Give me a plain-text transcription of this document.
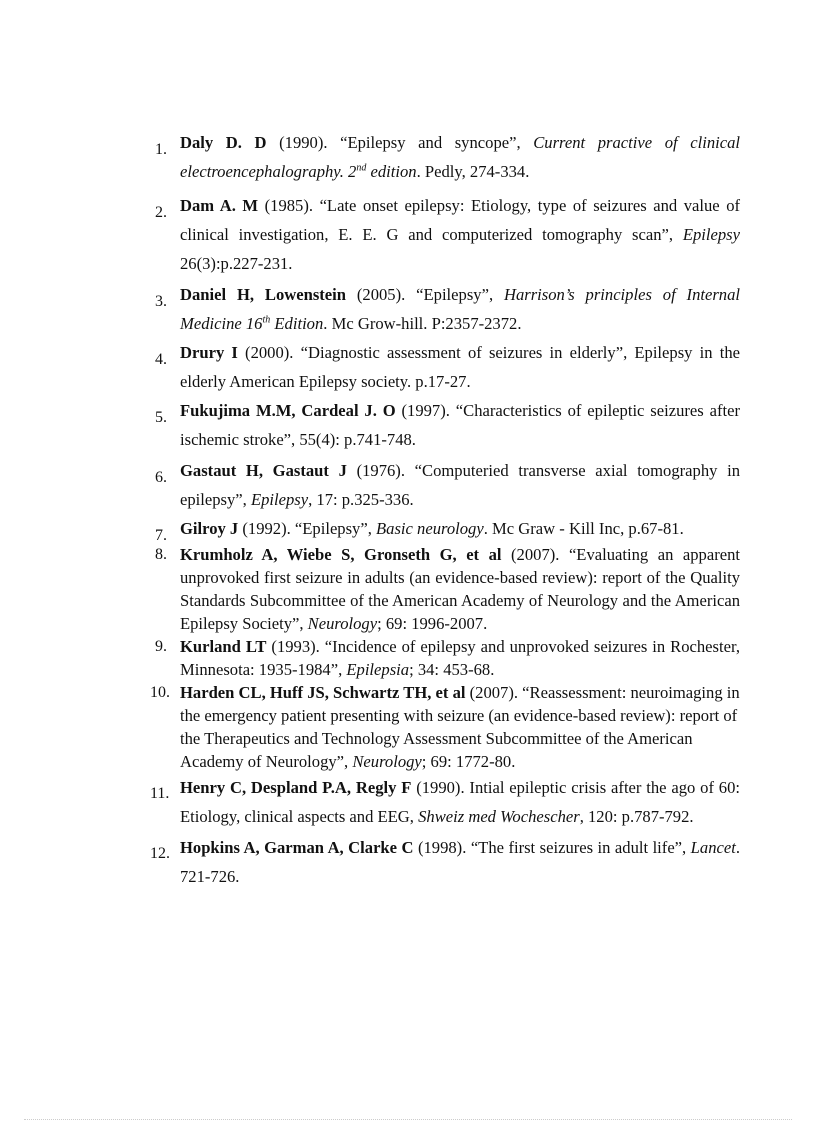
1. Daly D. D (1990). “Epilepsy and syncope”, Current practive of clinical electroencephalography. 2nd edition. Pedly, 274-334.
2. Dam A. M (1985). “Late onset epilepsy: Etiology, type of seizures and value of clinical investigation, E. E. G and computerized tomography scan”, Epilepsy 26(3):p.227-231.
3. Daniel H, Lowenstein (2005). “Epilepsy”, Harrison’s principles of Internal Medicine 16th Edition. Mc Grow-hill. P:2357-2372.
4. Drury I (2000). “Diagnostic assessment of seizures in elderly”, Epilepsy in the elderly American Epilepsy society. p.17-27.
5. Fukujima M.M, Cardeal J. O (1997). “Characteristics of epileptic seizures after ischemic stroke”, 55(4): p.741-748.
6. Gastaut H, Gastaut J (1976). “Computeried transverse axial tomography in epilepsy”, Epilepsy, 17: p.325-336.
7. Gilroy J (1992). “Epilepsy”, Basic neurology. Mc Graw - Kill Inc, p.67-81.
8. Krumholz A, Wiebe S, Gronseth G, et al (2007). “Evaluating an apparent unprovoked first seizure in adults (an evidence-based review): report of the Quality Standards Subcommittee of the American Academy of Neurology and the American Epilepsy Society”, Neurology; 69: 1996-2007.
9. Kurland LT (1993). “Incidence of epilepsy and unprovoked seizures in Rochester, Minnesota: 1935-1984”, Epilepsia; 34: 453-68.
10. Harden CL, Huff JS, Schwartz TH, et al (2007). “Reassessment: neuroimaging in the emergency patient presenting with seizure (an evidence-based review): report of the Therapeutics and Technology Assessment Subcommittee of the American Academy of Neurology”, Neurology; 69: 1772-80.
11. Henry C, Despland P.A, Regly F (1990). Intial epileptic crisis after the ago of 60: Etiology, clinical aspects and EEG, Shweiz med Wochescher, 120: p.787-792.
12. Hopkins A, Garman A, Clarke C (1998). “The first seizures in adult life”, Lancet. 721-726.
